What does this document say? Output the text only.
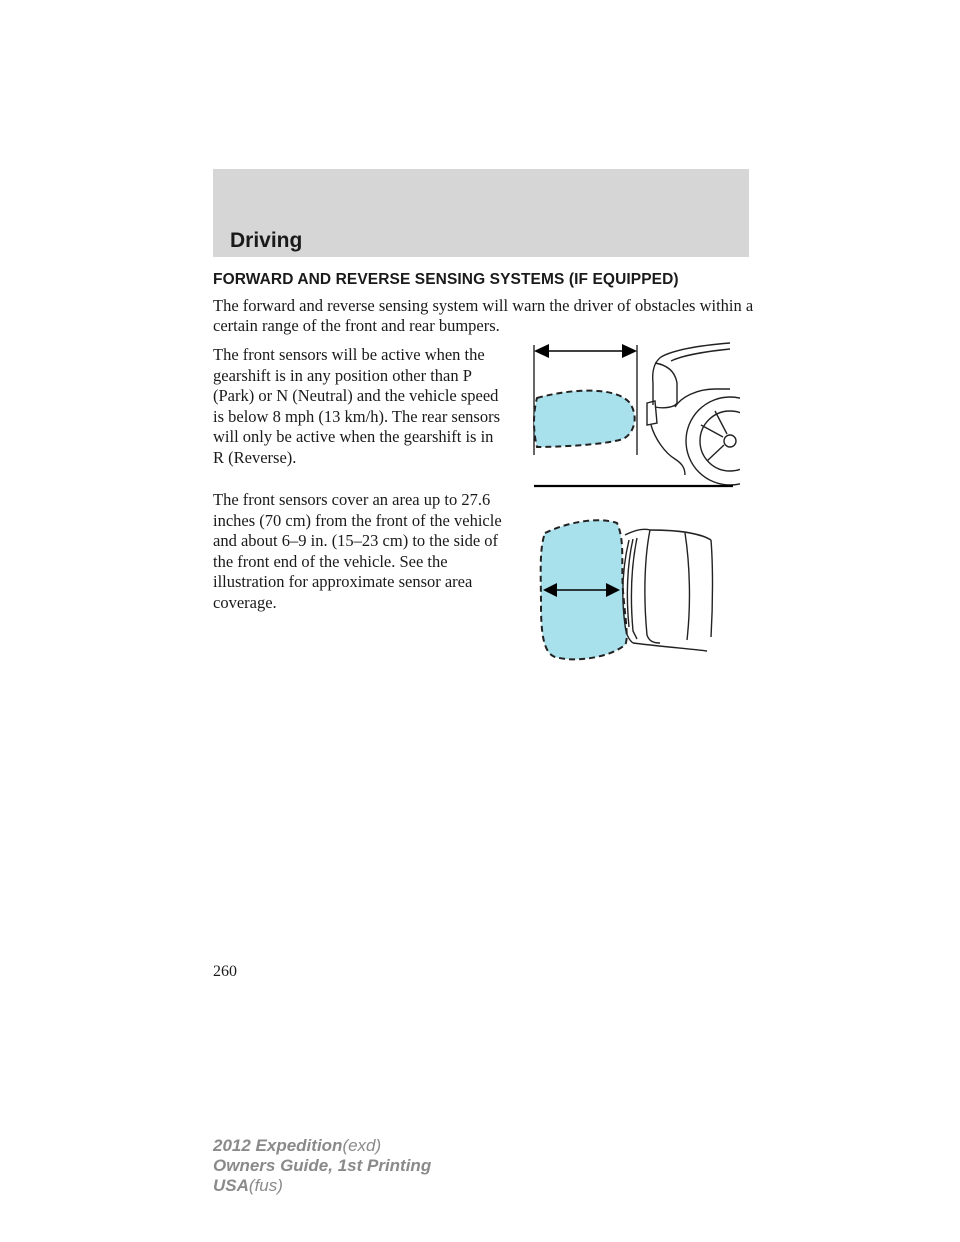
Driving
FORWARD AND REVERSE SENSING SYSTEMS (IF EQUIPPED)
The forward and reverse sensing system will warn the driver of obstacles within a certain range of the front and rear bumpers.
The front sensors will be active when the gearshift is in any position other than P (Park) or N (Neutral) and the vehicle speed is below 8 mph (13 km/h). The rear sensors will only be active when the gearshift is in R (Reverse).
The front sensors cover an area up to 27.6 inches (70 cm) from the front of the vehicle and about 6–9 in. (15–23 cm) to the side of the front end of the vehicle. See the illustration for approximate sensor area coverage.
260
2012 Expedition(exd)
Owners Guide, 1st Printing
USA(fus)
